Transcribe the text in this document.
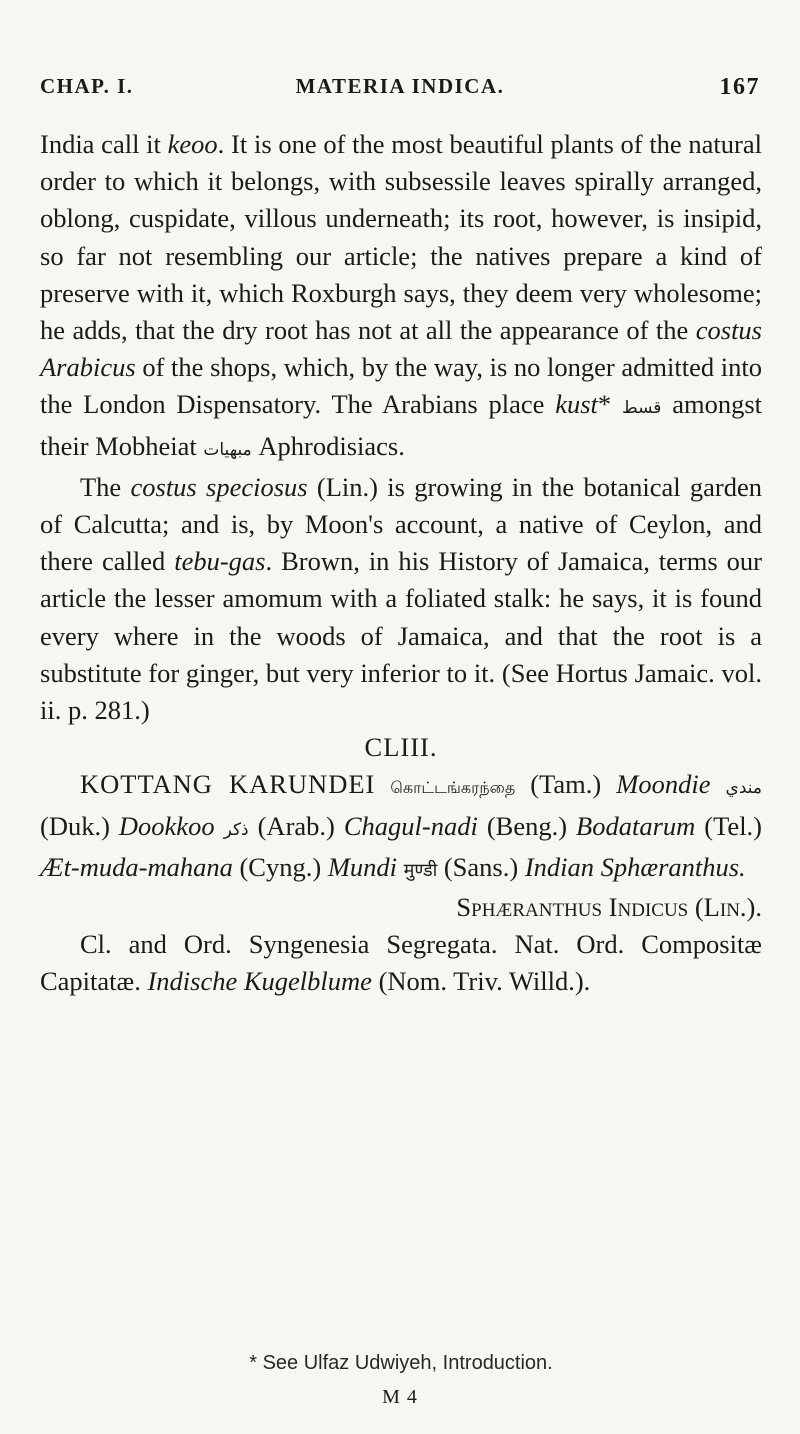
CHAP. I.	MATERIA INDICA.	167

India call it keoo. It is one of the most beautiful plants of the natural order to which it belongs, with subsessile leaves spirally arranged, oblong, cuspidate, villous underneath; its root, however, is insipid, so far not resembling our article; the natives prepare a kind of preserve with it, which Roxburgh says, they deem very wholesome; he adds, that the dry root has not at all the appearance of the costus Arabicus of the shops, which, by the way, is no longer admitted into the London Dispensatory. The Arabians place kust* قسط amongst their Mobheiat مبهيات Aphrodisiacs.

The costus speciosus (Lin.) is growing in the botanical garden of Calcutta; and is, by Moon's account, a native of Ceylon, and there called tebu-gas. Brown, in his History of Jamaica, terms our article the lesser amomum with a foliated stalk: he says, it is found every where in the woods of Jamaica, and that the root is a substitute for ginger, but very inferior to it. (See Hortus Jamaic. vol. ii. p. 281.)

CLIII.

KOTTANG KARUNDEI கொட்டங்கரந்தை (Tam.) Moondie مندي (Duk.) Dookkoo ذكر (Arab.) Chagul-nadi (Beng.) Bodatarum (Tel.) Æt-muda-mahana (Cyng.) Mundi मुण्डी (Sans.) Indian Sphæranthus.

Sphæranthus Indicus (Lin.).

Cl. and Ord. Syngenesia Segregata. Nat. Ord. Compositæ Capitatæ. Indische Kugelblume (Nom. Triv. Willd.).

* See Ulfaz Udwiyeh, Introduction.
M 4
